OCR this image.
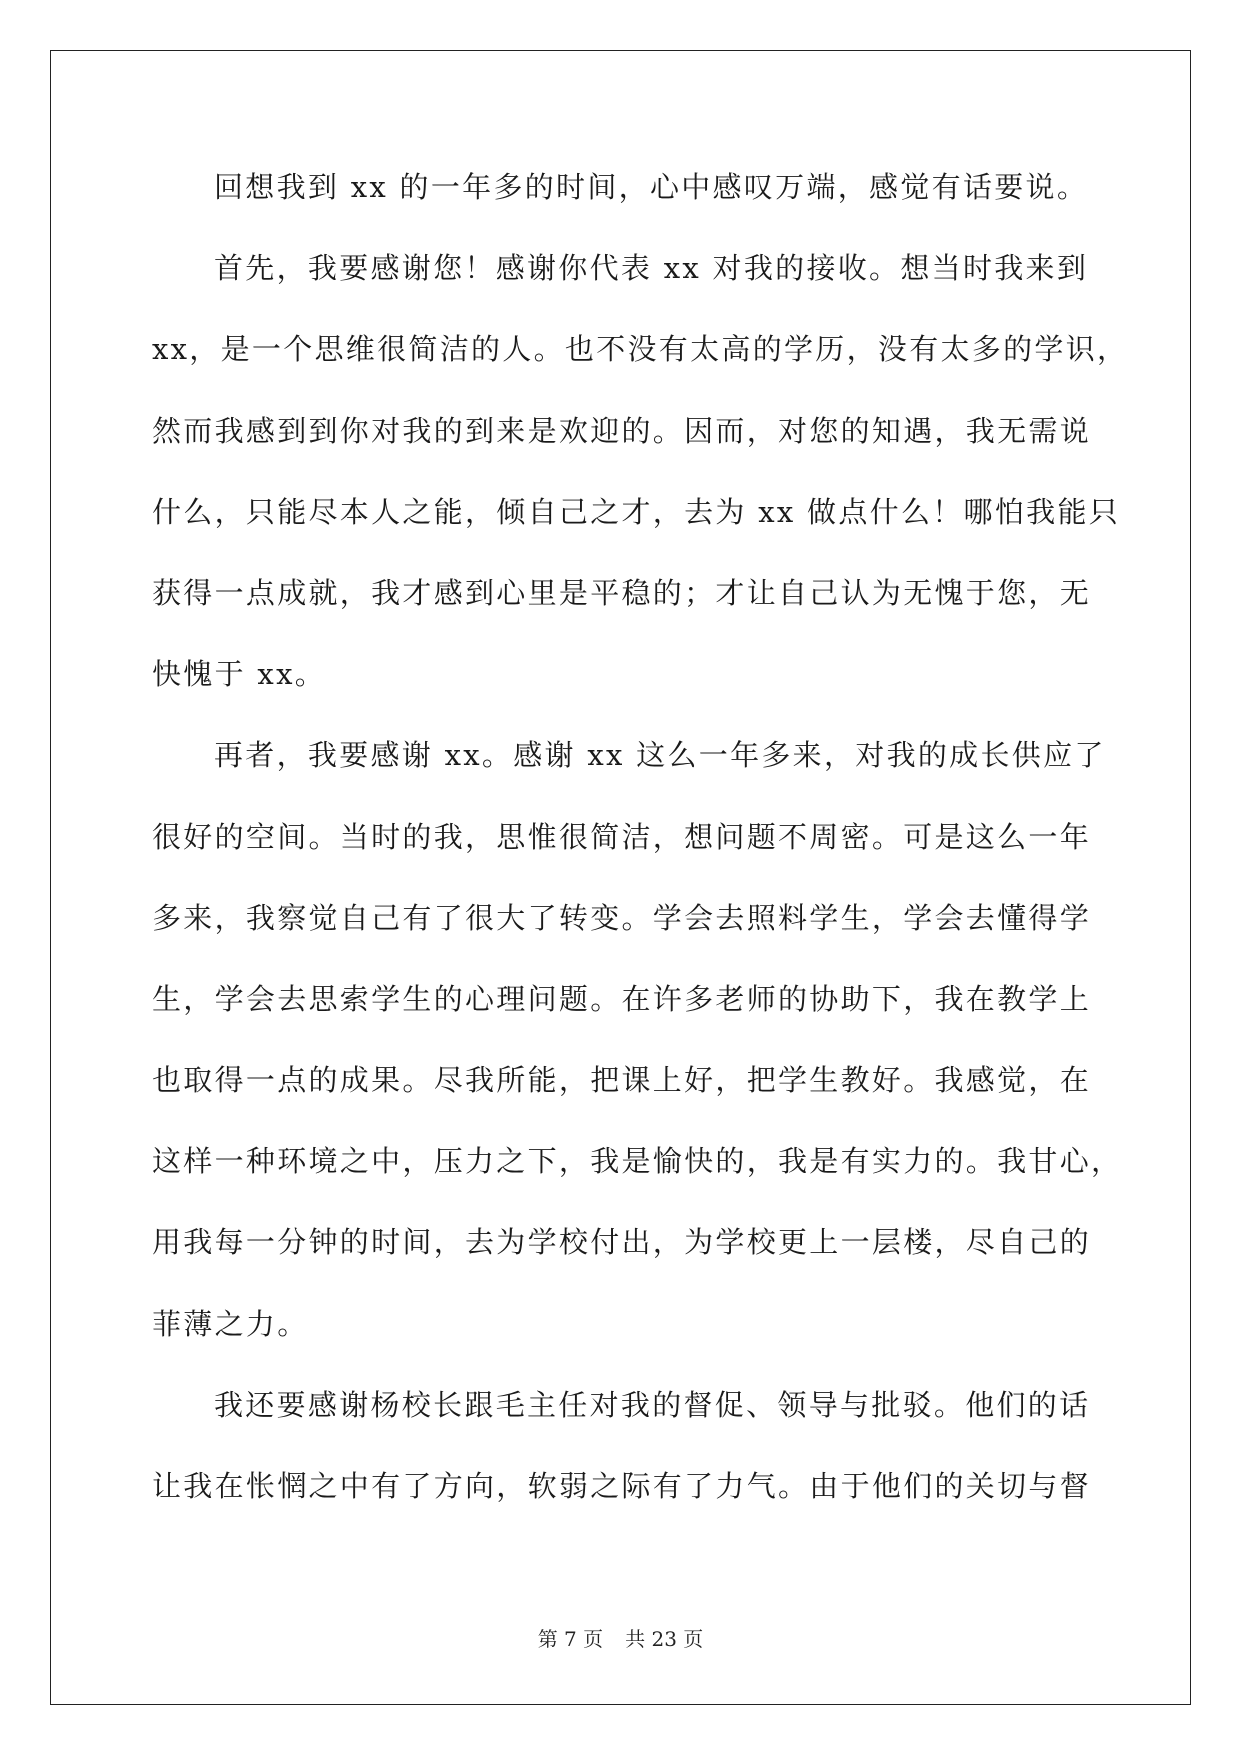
回想我到 xx 的一年多的时间，心中感叹万端，感觉有话要说。
首先，我要感谢您！感谢你代表 xx 对我的接收。想当时我来到
xx，是一个思维很简洁的人。也不没有太高的学历，没有太多的学识，
然而我感到到你对我的到来是欢迎的。因而，对您的知遇，我无需说
什么，只能尽本人之能，倾自己之才，去为 xx 做点什么！哪怕我能只
获得一点成就，我才感到心里是平稳的；才让自己认为无愧于您，无
快愧于 xx。
再者，我要感谢 xx。感谢 xx 这么一年多来，对我的成长供应了
很好的空间。当时的我，思惟很简洁，想问题不周密。可是这么一年
多来，我察觉自己有了很大了转变。学会去照料学生，学会去懂得学
生，学会去思索学生的心理问题。在许多老师的协助下，我在教学上
也取得一点的成果。尽我所能，把课上好，把学生教好。我感觉，在
这样一种环境之中，压力之下，我是愉快的，我是有实力的。我甘心，
用我每一分钟的时间，去为学校付出，为学校更上一层楼，尽自己的
菲薄之力。
我还要感谢杨校长跟毛主任对我的督促、领导与批驳。他们的话
让我在怅惘之中有了方向，软弱之际有了力气。由于他们的关切与督
第 7 页 共 23 页
